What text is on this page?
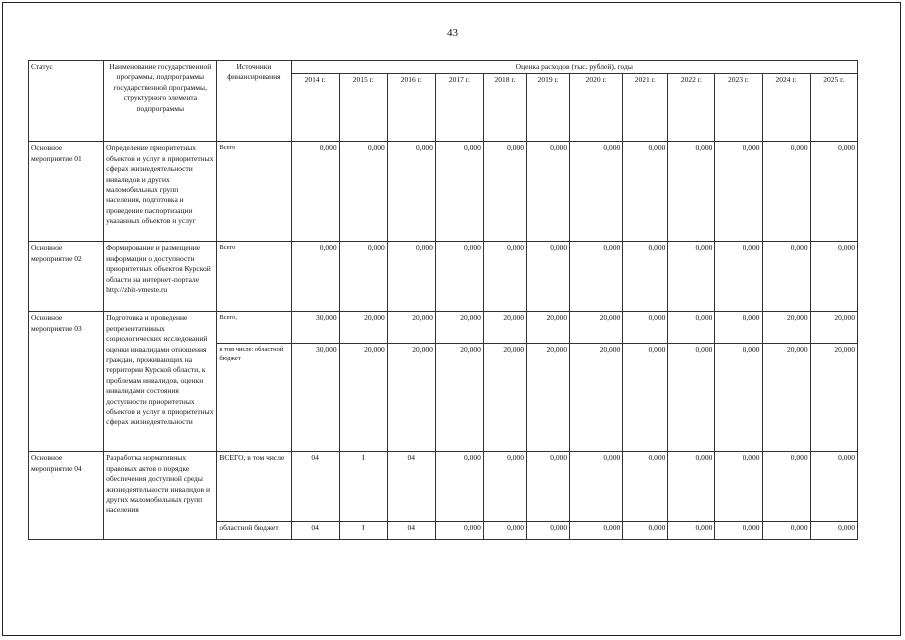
43
Статус	Наименование государственной программы, подпрограммы государственной программы, структурного элемента подпрограммы	Источники финансирования	Оценка расходов (тыс. рублей), годы											
			2014 г.	2015 г.	2016 г.	2017 г.	2018 г.	2019 г.	2020 г.	2021 г.	2022 г.	2023 г.	2024 г.	2025 г.
Основное мероприятие 01	Определение приоритетных объектов и услуг в приоритетных сферах жизнедеятельности инвалидов и других маломобильных групп населения, подготовка и проведение паспортизации указанных объектов и услуг	Всего	0,000	0,000	0,000	0,000	0,000	0,000	0,000	0,000	0,000	0,000	0,000	0,000
Основное мероприятие 02	Формирование и размещение информации о доступности приоритетных объектов Курской области на интернет-портале http://zhit-vmeste.ru	Всего	0,000	0,000	0,000	0,000	0,000	0,000	0,000	0,000	0,000	0,000	0,000	0,000
Основное мероприятие 03	Подготовка и проведение репрезентативных социологических исследований оценки инвалидами отношения граждан, проживающих на территории Курской области, к проблемам инвалидов, оценки инвалидами состояния доступности приоритетных объектов и услуг в приоритетных сферах жизнедеятельности	Всего,	30,000	20,000	20,000	20,000	20,000	20,000	20,000	0,000	0,000	0,000	20,000	20,000
		в том числе: областной бюджет	30,000	20,000	20,000	20,000	20,000	20,000	20,000	0,000	0,000	0,000	20,000	20,000
Основное мероприятие 04	Разработка нормативных правовых актов о порядке обеспечения доступной среды жизнедеятельности инвалидов и других маломобильных групп населения	ВСЕГО, в том числе	04	I	04	0,000	0,000	0,000	0,000	0,000	0,000	0,000	0,000	0,000
		областной бюджет	04	I	04	0,000	0,000	0,000	0,000	0,000	0,000	0,000	0,000	0,000
